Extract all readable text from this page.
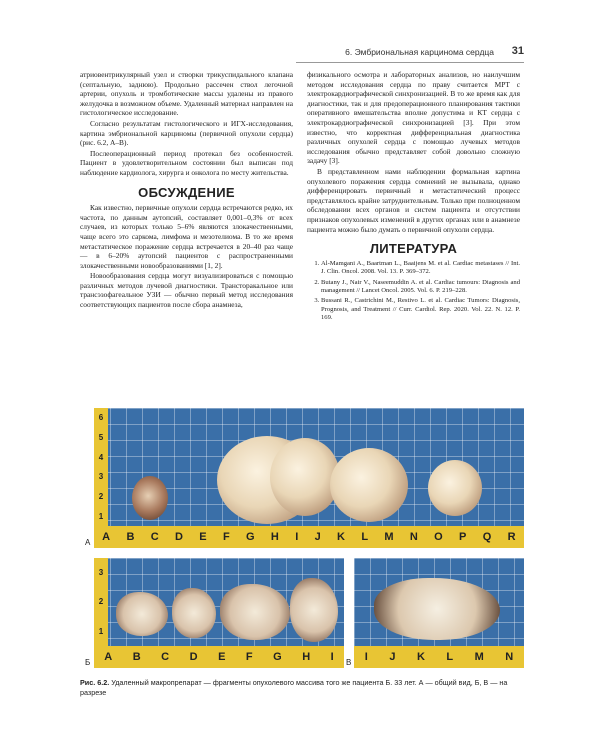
6. Эмбриональная карцинома сердца 31

атриовентрикулярный узел и створки трикуспидального клапана (септальную, заднюю). Продольно рассечен ствол легочной артерии, опухоль и тромботические массы удалены из правого желудочка в возможном объеме. Удаленный материал направлен на гистологическое исследование.

Согласно результатам гистологического и ИГХ-исследования, картина эмбриональной карциномы (первичной опухоли сердца) (рис. 6.2, А–В).

Послеоперационный период протекал без особенностей. Пациент в удовлетворительном состоянии был выписан под наблюдение кардиолога, хирурга и онколога по месту жительства.

ОБСУЖДЕНИЕ

Как известно, первичные опухоли сердца встречаются редко, их частота, по данным аутопсий, составляет 0,001–0,3% от всех случаев, из которых только 5–6% являются злокачественными, чаще всего это саркома, лимфома и мезотелиома. В то же время метастатическое поражение сердца встречается в 20–40 раз чаще — в 6–20% аутопсий пациентов с распространенными злокачественными новообразованиями [1, 2].

Новообразования сердца могут визуализироваться с помощью различных методов лучевой диагностики. Трансторакальное или трансэзофагеальное УЗИ — обычно первый метод исследования соответствующих пациентов после сбора анамнеза,

физикального осмотра и лабораторных анализов, но наилучшим методом исследования сердца по праву считается МРТ с электрокардиографической синхронизацией. В то же время как для диагностики, так и для предоперационного планирования тактики оперативного вмешательства вполне допустима и КТ сердца с электрокардиографической синхронизацией [3]. При этом известно, что корректная дифференциальная диагностика различных опухолей сердца с помощью лучевых методов исследования обычно представляет собой довольно сложную задачу [3].

В представленном нами наблюдении формальная картина опухолевого поражения сердца сомнений не вызывала, однако дифференцировать первичный и метастатический процесс представлялось крайне затруднительным. Только при полноценном обследовании всех органов и систем пациента и отсутствии признаков опухолевых изменений в других органах или в анамнезе пациента можно было думать о первичной опухоли сердца.

ЛИТЕРАТУРА
1. Al-Mamgani A., Baartman L., Baaijens M. et al. Cardiac metastases // Int. J. Clin. Oncol. 2008. Vol. 13. P. 369–372.
2. Butany J., Nair V., Naseemuddin A. et al. Cardiac tumours: Diagnosis and management // Lancet Oncol. 2005. Vol. 6. P. 219–228.
3. Bussani R., Castrichini M., Restivo L. et al. Cardiac Tumors: Diagnosis, Prognosis, and Treatment // Curr. Cardiol. Rep. 2020. Vol. 22. N. 12. P. 169.
6
5
4
3
2
1
A B C D E F G H I J K L M N O P Q R
А
3
2
1
A B C D E F G H I
Б	I J K L M N
В
Рис. 6.2. Удаленный макропрепарат — фрагменты опухолевого массива того же пациента Б. 33 лет. А — общий вид, Б, В — на разрезе
